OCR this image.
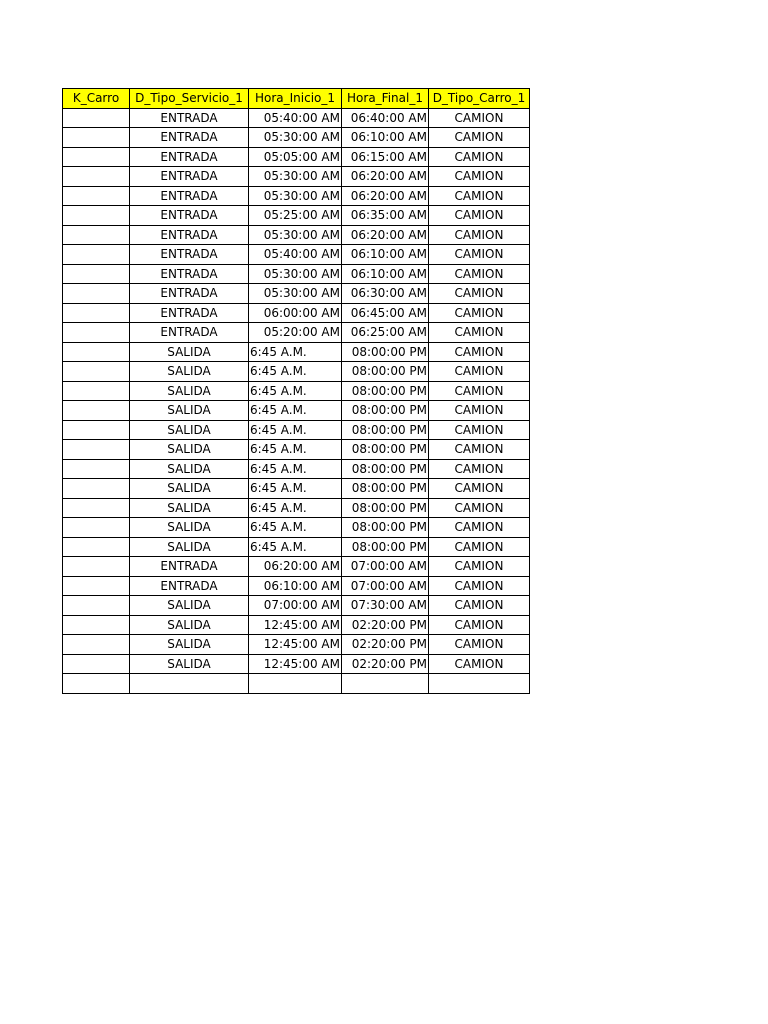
K_Carro	D_Tipo_Servicio_1	Hora_Inicio_1	Hora_Final_1	D_Tipo_Carro_1
	ENTRADA	05:40:00 AM	06:40:00 AM	CAMION
	ENTRADA	05:30:00 AM	06:10:00 AM	CAMION
	ENTRADA	05:05:00 AM	06:15:00 AM	CAMION
	ENTRADA	05:30:00 AM	06:20:00 AM	CAMION
	ENTRADA	05:30:00 AM	06:20:00 AM	CAMION
	ENTRADA	05:25:00 AM	06:35:00 AM	CAMION
	ENTRADA	05:30:00 AM	06:20:00 AM	CAMION
	ENTRADA	05:40:00 AM	06:10:00 AM	CAMION
	ENTRADA	05:30:00 AM	06:10:00 AM	CAMION
	ENTRADA	05:30:00 AM	06:30:00 AM	CAMION
	ENTRADA	06:00:00 AM	06:45:00 AM	CAMION
	ENTRADA	05:20:00 AM	06:25:00 AM	CAMION
	SALIDA	6:45 A.M.	08:00:00 PM	CAMION
	SALIDA	6:45 A.M.	08:00:00 PM	CAMION
	SALIDA	6:45 A.M.	08:00:00 PM	CAMION
	SALIDA	6:45 A.M.	08:00:00 PM	CAMION
	SALIDA	6:45 A.M.	08:00:00 PM	CAMION
	SALIDA	6:45 A.M.	08:00:00 PM	CAMION
	SALIDA	6:45 A.M.	08:00:00 PM	CAMION
	SALIDA	6:45 A.M.	08:00:00 PM	CAMION
	SALIDA	6:45 A.M.	08:00:00 PM	CAMION
	SALIDA	6:45 A.M.	08:00:00 PM	CAMION
	SALIDA	6:45 A.M.	08:00:00 PM	CAMION
	ENTRADA	06:20:00 AM	07:00:00 AM	CAMION
	ENTRADA	06:10:00 AM	07:00:00 AM	CAMION
	SALIDA	07:00:00 AM	07:30:00 AM	CAMION
	SALIDA	12:45:00 AM	02:20:00 PM	CAMION
	SALIDA	12:45:00 AM	02:20:00 PM	CAMION
	SALIDA	12:45:00 AM	02:20:00 PM	CAMION
